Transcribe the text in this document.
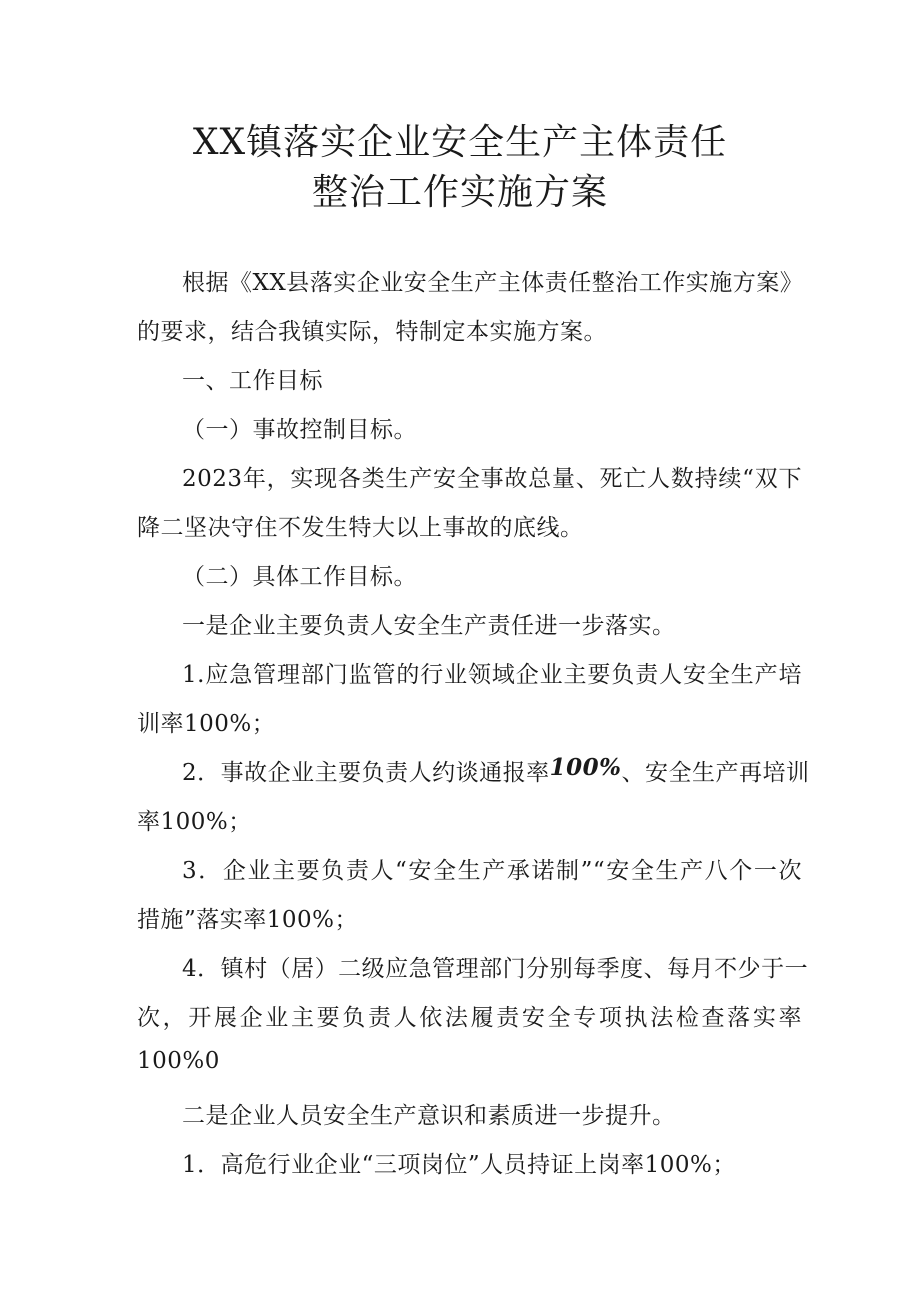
XX镇落实企业安全生产主体责任
整治工作实施方案
根据《XX县落实企业安全生产主体责任整治工作实施方案》
的要求，结合我镇实际，特制定本实施方案。
一、工作目标
（一）事故控制目标。
2023年，实现各类生产安全事故总量、死亡人数持续“双下
降二坚决守住不发生特大以上事故的底线。
（二）具体工作目标。
一是企业主要负责人安全生产责任进一步落实。
1.应急管理部门监管的行业领域企业主要负责人安全生产培
训率100%；
2．事故企业主要负责人约谈通报率 100% 、安全生产再培训
率100%；
3．企业主要负责人“安全生产承诺制”“安全生产八个一次
措施”落实率100%；
4．镇村（居）二级应急管理部门分别每季度、每月不少于一
次，开展企业主要负责人依法履责安全专项执法检查落实率
100%0
二是企业人员安全生产意识和素质进一步提升。
1．高危行业企业“三项岗位”人员持证上岗率100%；
